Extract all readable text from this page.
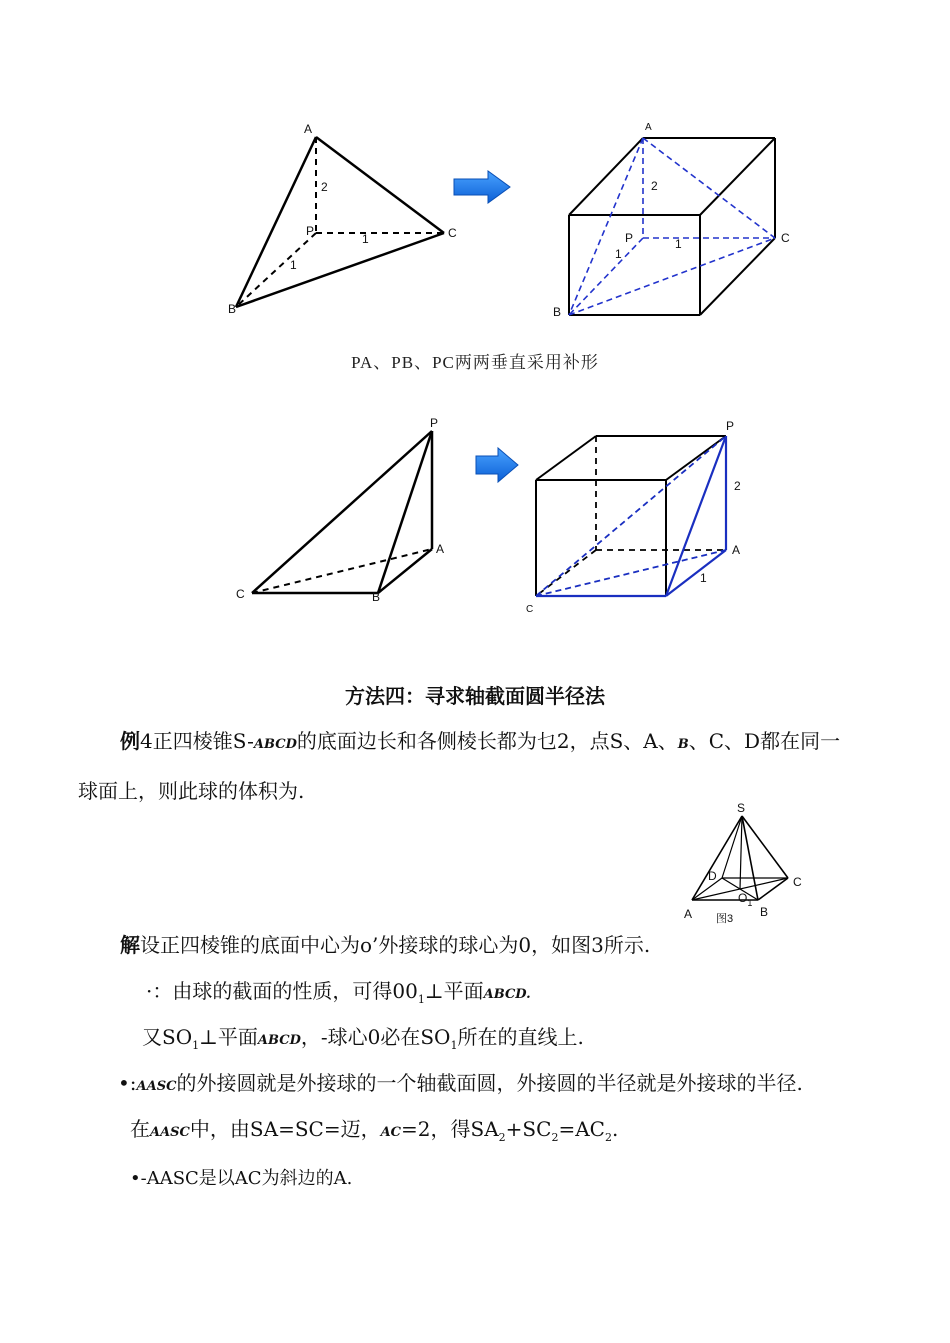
A
P
B
C
2
1
1
A
P
B
C
2
1
1
PA、PB、PC两两垂直采用补形
P
A
B
C
P
A
C
2
1
方法四：寻求轴截面圆半径法
例4正四棱锥S-ABCD的底面边长和各侧棱长都为乜2，点S、A、B、C、D都在同一
球面上，则此球的体积为.
S
D	C
A	B
$O_1$
图3
解设正四棱锥的底面中心为o’外接球的球心为0，如图3所示.
·：由球的截面的性质，可得$00_1\perp$平面ABCD.
又$SO_1\perp$平面ABCD，-球心0必在$SO_1$所在的直线上.
•:AASC的外接圆就是外接球的一个轴截面圆，外接圆的半径就是外接球的半径.
在AASC中，由SA=SC=迈，AC=2，得$SA_2+SC_2=AC_2$.
•-AASC是以AC为斜边的A.
